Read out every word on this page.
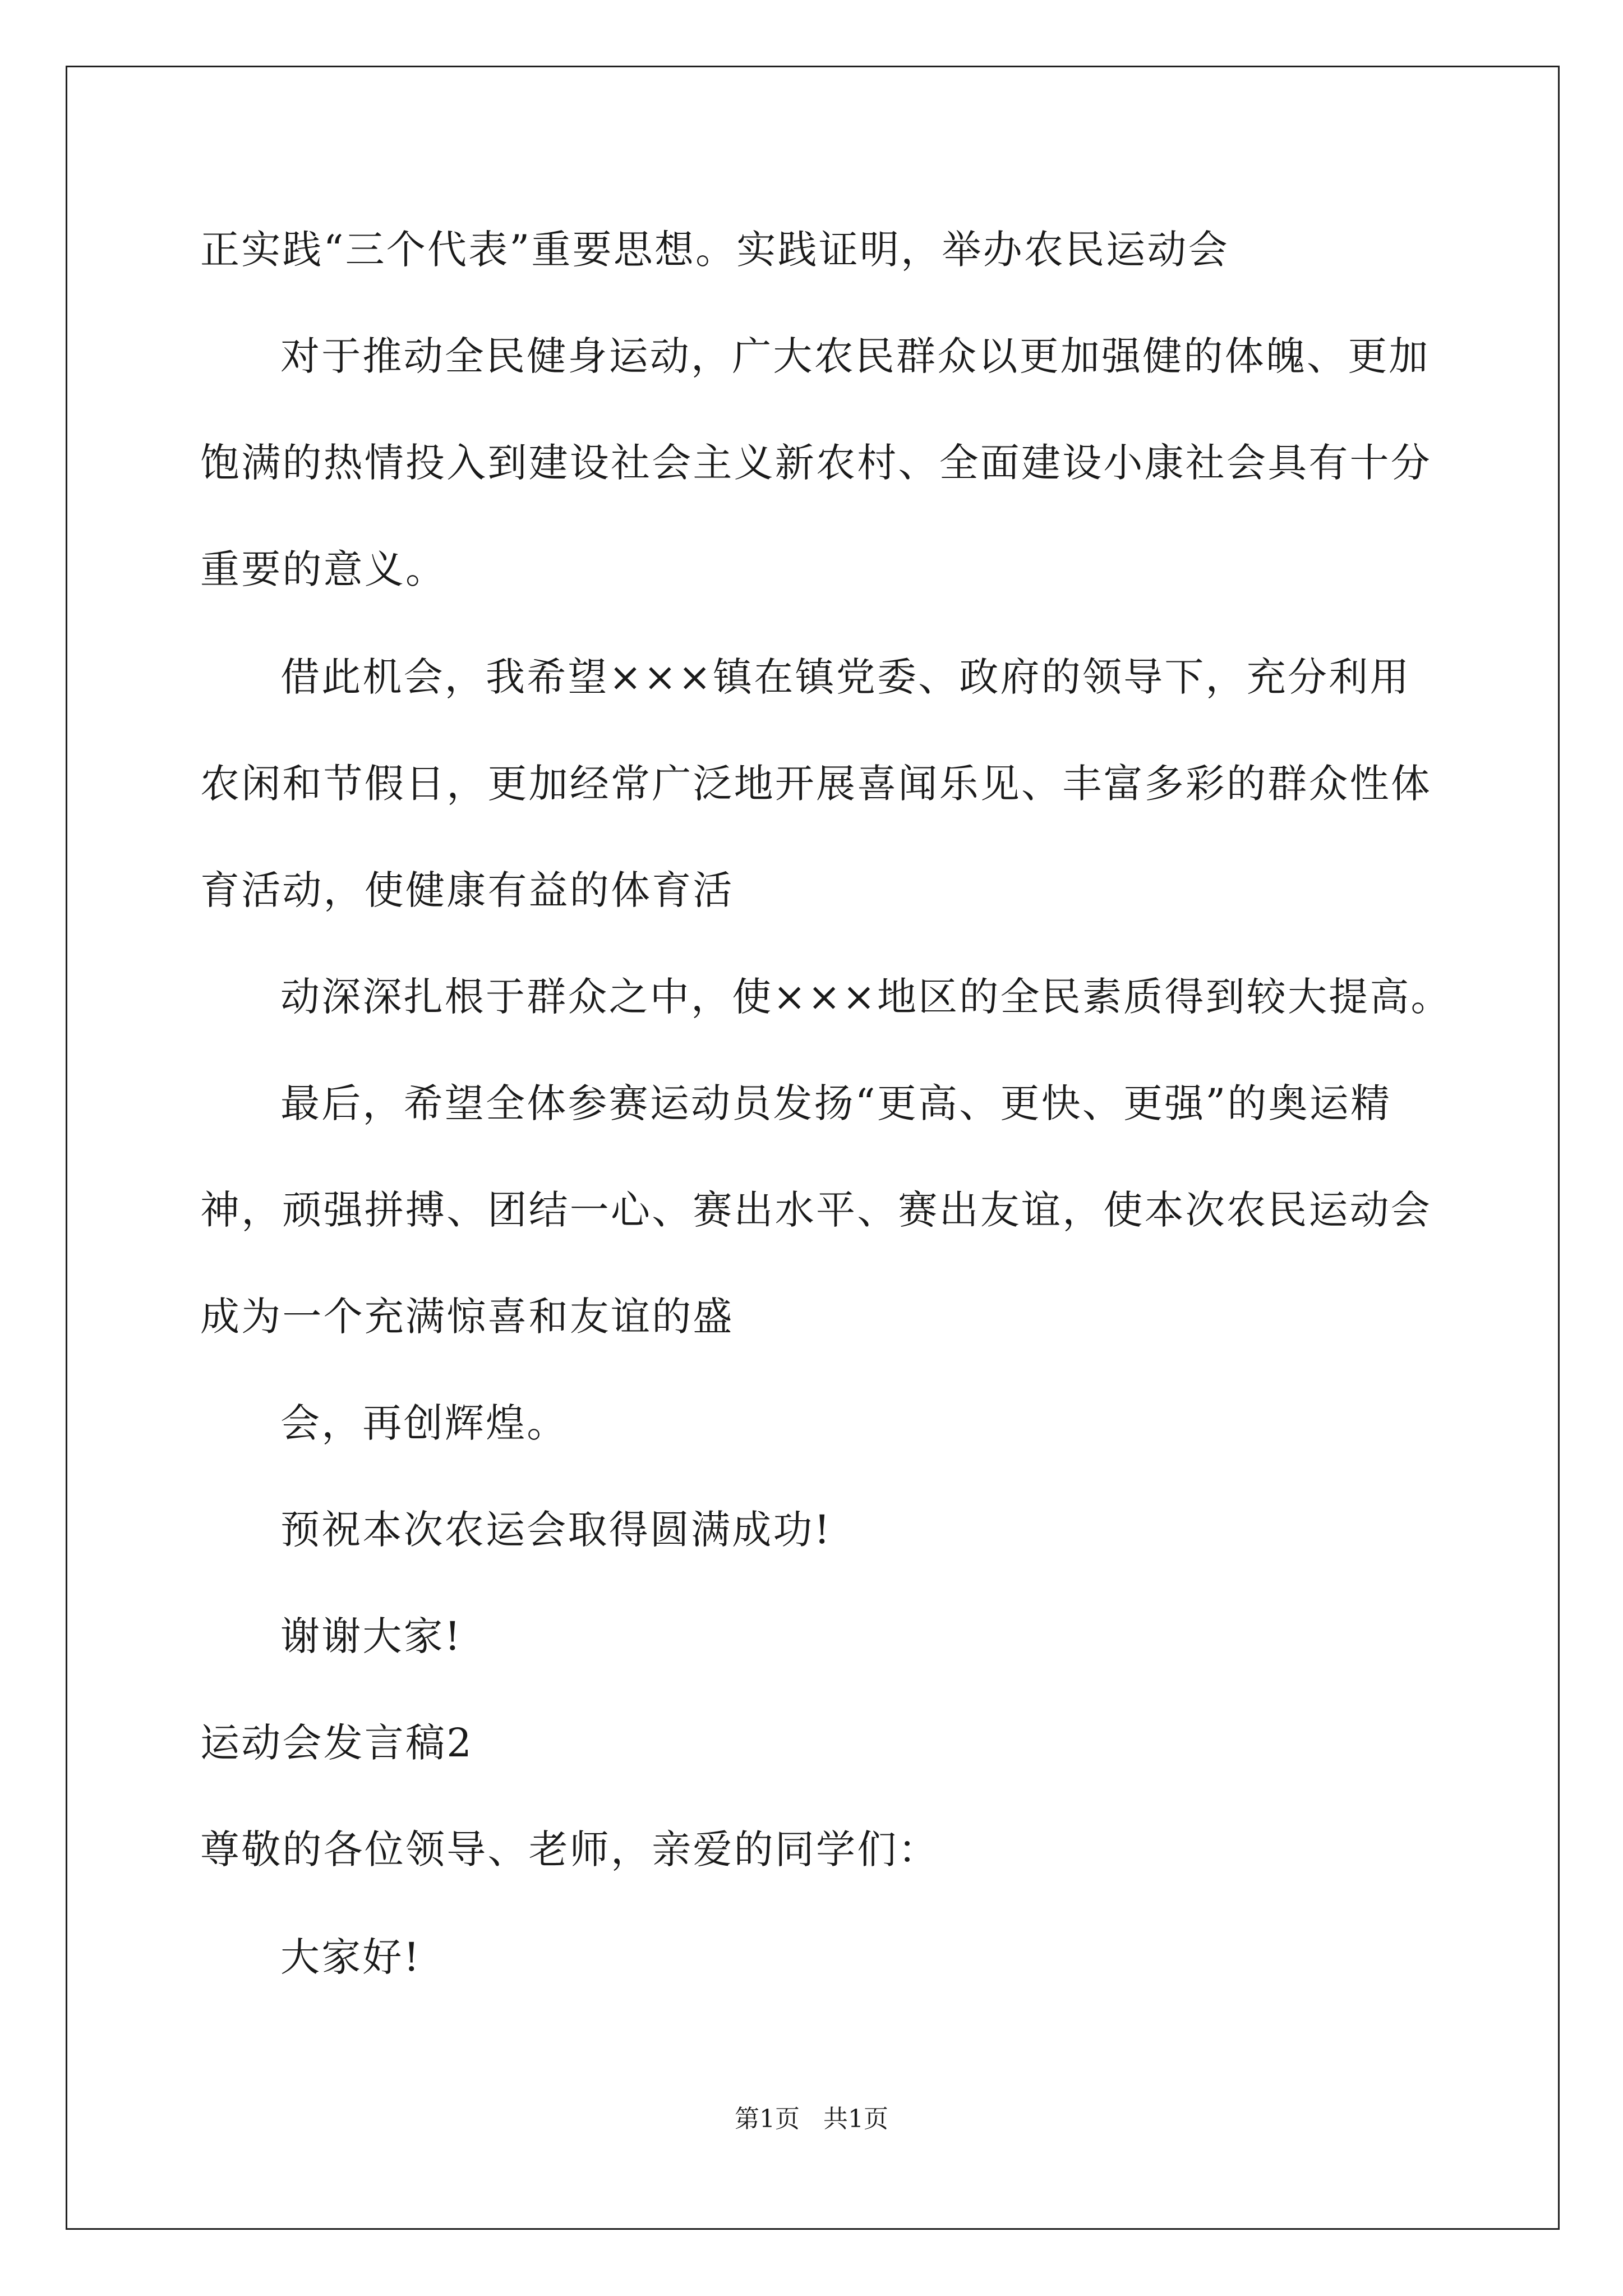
正实践“三个代表”重要思想。实践证明，举办农民运动会

对于推动全民健身运动，广大农民群众以更加强健的体魄、更加

饱满的热情投入到建设社会主义新农村、全面建设小康社会具有十分

重要的意义。

借此机会，我希望×××镇在镇党委、政府的领导下，充分利用

农闲和节假日，更加经常广泛地开展喜闻乐见、丰富多彩的群众性体

育活动，使健康有益的体育活

动深深扎根于群众之中，使×××地区的全民素质得到较大提高。

最后，希望全体参赛运动员发扬“更高、更快、更强”的奥运精

神，顽强拼搏、团结一心、赛出水平、赛出友谊，使本次农民运动会

成为一个充满惊喜和友谊的盛

会，再创辉煌。

预祝本次农运会取得圆满成功!

谢谢大家!

运动会发言稿2

尊敬的各位领导、老师，亲爱的同学们：

大家好!

第1页   共1页
